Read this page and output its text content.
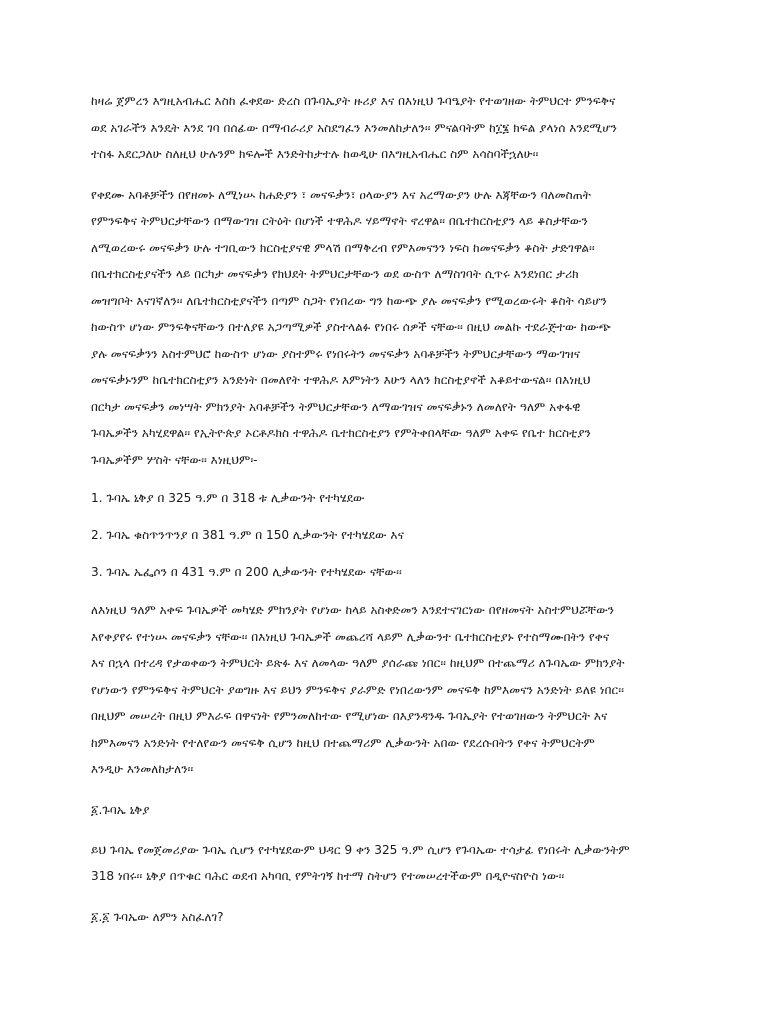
ከዛሬ ጀምረን እግዚአብሔር እስከ ፈቀደው ድረስ በጉባኤያት ዙሪያ እና በእነዚህ ጉባዔያት የተወገዘው ትምህርተ ምንፍቅና
ወደ አገራችን እንዴት እንደ ገባ በሰፊው በማብራሪያ አስደግፈን እንመለከታለን፡፡ ምናልባትም ከ፲፮ ክፍል ያላነሰ እንደሚሆን
ተስፋ አደርጋለሁ ስለዚህ ሁሉንም ክፍሎች እንድትከታተሉ ከወዲሁ በእግዚአብሔር ስም አሳስባችኋለሁ፡፡

የቀደሙ አባቶቻችን በየዘመኑ ለሚነሡ ከሐድያን ፣ መናፍቃን፣ ዐላውያን እና አረማውያን ሁሉ እጃቸውን ባለመስጠት
የምንፍቅና ትምህርታቸውን በማውገዝ ርትዕት በሆነች ተዋሕዶ ሃይማኖት ኖረዋል፡፡ በቤተክርስቲያን ላይ ቆስታቸውን
ለሚወረውሩ መናፍቃን ሁሉ ተገቢውን ክርስቲያናዊ ምላሽ በማቅረብ የምእመናንን ነፍስ ከመናፍቃን ቆስት ታድገዋል፡፡
በቤተክርስቲያናችን ላይ በርካታ መናፍቃን የክህደት ትምህርታቸውን ወደ ውስጥ ለማስገባት ሲጥሩ እንደነበር ታሪክ
መዝግቦት እናገኛለን፡፡ ለቤተክርስቲያናችን በጣም ስጋት የነበረው ግን ከውጭ ያሉ መናፍቃን የሚወረውሩት ቆስት ሳይሆን
ከውስጥ ሆነው ምንፍቅናቸውን በተለያዩ አጋጣሚዎች ያስተላልፉ የነበሩ ሰዎች ናቸው፡፡ በዚህ መልኩ ተደራጅተው ከውጭ
ያሉ መናፍቃንን አስተምህሮ ከውስጥ ሆነው ያስተምሩ የነበሩትን መናፍቃን አባቶቻችን ትምህርታቸውን ማውገዝና
መናፍቃኑንም ከቤተክርስቲያን አንድነት በመለየት ተዋሕዶ እምነትን እሁን ላለን ክርስቲያኖች አቆይተውናል፡፡ በእነዚህ
በርካታ መናፍቃን መነሣት ምክንያት አባቶቻችን ትምህርታቸውን ለማውገዝና መናፍቃኑን ለመለየት ዓለም አቀፋዊ
ጉባኤዎችን አካሂደዋል፡፡ የኢትዮጵያ ኦርቶዶክስ ተዋሕዶ ቤተክርስቲያን የምትቀበላቸው ዓለም አቀፍ የቤተ ክርስቲያን
ጉባኤዎችም ሦስት ናቸው፡፡ እነዚህም፡-

1. ጉባኤ ኒቅያ በ 325 ዓ.ም በ 318 ቱ ሊቃውንት የተካሄደው

2. ጉባኤ ቁስጥንጥንያ በ 381 ዓ.ም በ 150 ሊቃውንት የተካሄደው እና

3. ጉባኤ ኤፌሶን በ 431 ዓ.ም በ 200 ሊቃውንት የተካሄደው ናቸው፡፡

ለእነዚህ ዓለም አቀፍ ጉባኤዎች መካሄድ ምክንያት የሆነው ከላይ አስቀድመን እንደተናገርነው በየዘመናት አስተምህሯቸውን
እየቀያየሩ የተነሡ መናፍቃን ናቸው፡፡ በእነዚህ ጉባኤዎች መጨረሻ ላይም ሊቃውንተ ቤተክርስቲያኑ የተስማሙበትን የቀና
እና በኋላ በተረዳ የታወቀውን ትምህርት ይጽፉ እና ለመላው ዓለም ያሰራጩ ነበር፡፡ ከዚህም በተጨማሪ ለጉባኤው ምክንያት
የሆነውን የምንፍቅና ትምህርት ያወግዙ እና ይህን ምንፍቅና ያራምድ የነበረውንም መናፍቅ ከምእመናን አንድነት ይለዩ ነበር፡፡
በዚህም መሠረት በዚህ ምእራፍ በዋናነት የምንመለከተው የሚሆነው በእያንዳንዱ ጉባኤያት የተወገዘውን ትምህርት እና
ከምእመናን አንድነት የተለየውን መናፍቅ ሲሆን ከዚህ በተጨማሪም ሊቃውንት አበው የደረሱበትን የቀና ትምህርትም
እንዲሁ እንመለከታለን፡፡

፩.ጉባኤ ኒቅያ

ይህ ጉባኤ የመጀመሪያው ጉባኤ ሲሆን የተካሄደውም ህዳር 9 ቀን 325 ዓ.ም ሲሆን የጉባኤው ተሳታፊ የነበሩት ሊቃውንትም
318 ነበሩ፡፡ ኒቅያ በጥቁር ባሕር ወደብ አካባቢ የምትገኝ ከተማ ስትሆን የተመሠረተችውም በዲዮናስዮስ ነው፡፡

፩.፩ ጉባኤው ለምን አስፈለገ?
